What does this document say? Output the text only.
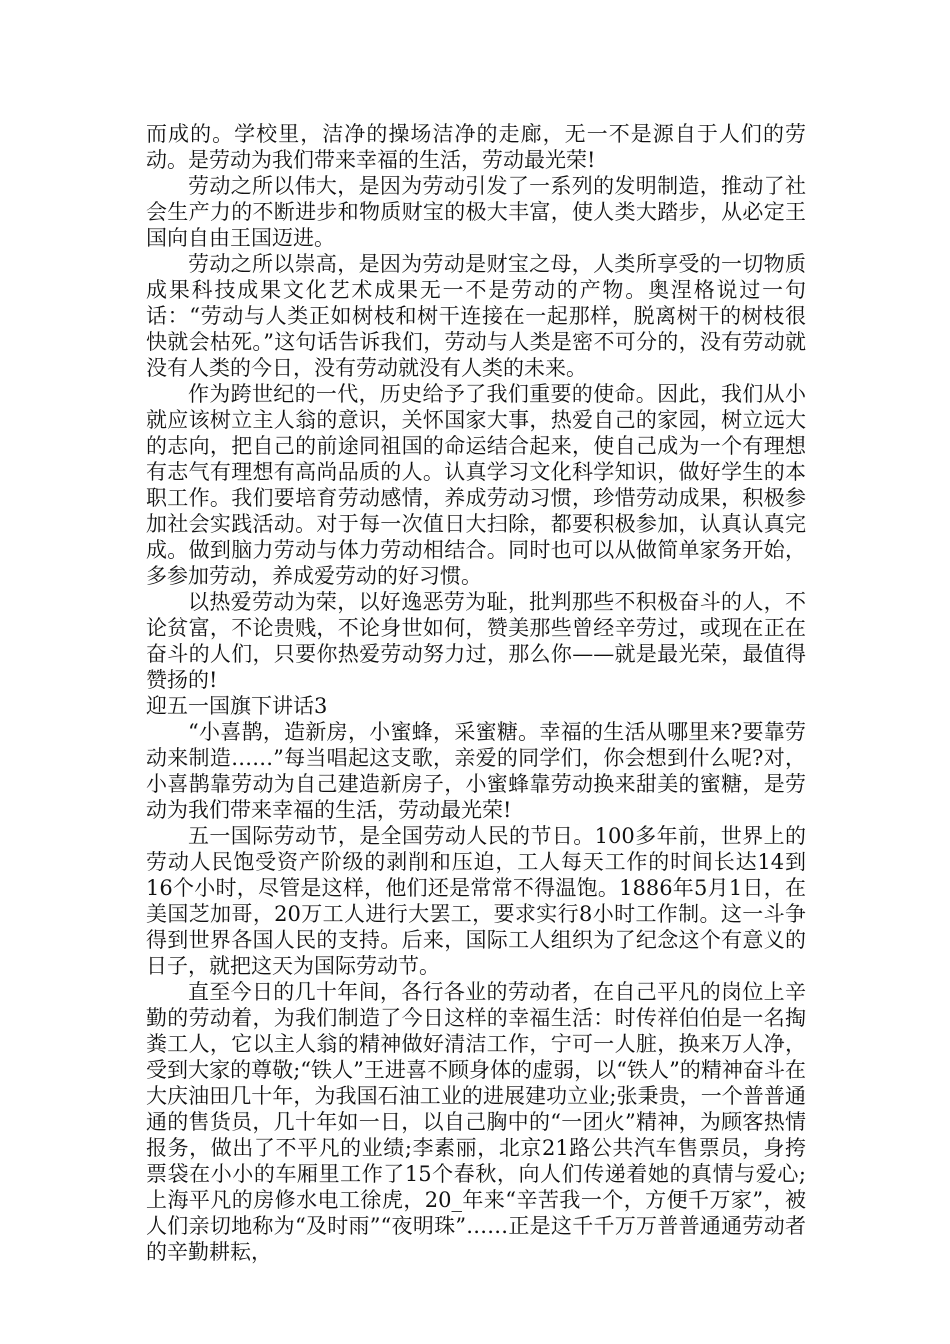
而成的。学校里，洁净的操场洁净的走廊，无一不是源自于人们的劳动。是劳动为我们带来幸福的生活，劳动最光荣!

劳动之所以伟大，是因为劳动引发了一系列的发明制造，推动了社会生产力的不断进步和物质财宝的极大丰富，使人类大踏步，从必定王国向自由王国迈进。

劳动之所以崇高，是因为劳动是财宝之母，人类所享受的一切物质成果科技成果文化艺术成果无一不是劳动的产物。奥涅格说过一句话：“劳动与人类正如树枝和树干连接在一起那样，脱离树干的树枝很快就会枯死。”这句话告诉我们，劳动与人类是密不可分的，没有劳动就没有人类的今日，没有劳动就没有人类的未来。

作为跨世纪的一代，历史给予了我们重要的使命。因此，我们从小就应该树立主人翁的意识，关怀国家大事，热爱自己的家园，树立远大的志向，把自己的前途同祖国的命运结合起来，使自己成为一个有理想有志气有理想有高尚品质的人。认真学习文化科学知识，做好学生的本职工作。我们要培育劳动感情，养成劳动习惯，珍惜劳动成果，积极参加社会实践活动。对于每一次值日大扫除，都要积极参加，认真认真完成。做到脑力劳动与体力劳动相结合。同时也可以从做简单家务开始，多参加劳动，养成爱劳动的好习惯。

以热爱劳动为荣，以好逸恶劳为耻，批判那些不积极奋斗的人，不论贫富，不论贵贱，不论身世如何，赞美那些曾经辛劳过，或现在正在奋斗的人们，只要你热爱劳动努力过，那么你——就是最光荣，最值得赞扬的!

迎五一国旗下讲话3

“小喜鹊，造新房，小蜜蜂，采蜜糖。幸福的生活从哪里来?要靠劳动来制造……”每当唱起这支歌，亲爱的同学们，你会想到什么呢?对，小喜鹊靠劳动为自己建造新房子，小蜜蜂靠劳动换来甜美的蜜糖，是劳动为我们带来幸福的生活，劳动最光荣!

五一国际劳动节，是全国劳动人民的节日。100多年前，世界上的劳动人民饱受资产阶级的剥削和压迫，工人每天工作的时间长达14到16个小时，尽管是这样，他们还是常常不得温饱。1886年5月1日，在美国芝加哥，20万工人进行大罢工，要求实行8小时工作制。这一斗争得到世界各国人民的支持。后来，国际工人组织为了纪念这个有意义的日子，就把这天为国际劳动节。

直至今日的几十年间，各行各业的劳动者，在自己平凡的岗位上辛勤的劳动着，为我们制造了今日这样的幸福生活：时传祥伯伯是一名掏粪工人，它以主人翁的精神做好清洁工作，宁可一人脏，换来万人净，受到大家的尊敬;“铁人”王进喜不顾身体的虚弱，以“铁人”的精神奋斗在大庆油田几十年，为我国石油工业的进展建功立业;张秉贵，一个普普通通的售货员，几十年如一日，以自己胸中的“一团火”精神，为顾客热情报务，做出了不平凡的业绩;李素丽，北京21路公共汽车售票员，身挎票袋在小小的车厢里工作了15个春秋，向人们传递着她的真情与爱心;上海平凡的房修水电工徐虎，20_年来“辛苦我一个，方便千万家”，被人们亲切地称为“及时雨”“夜明珠”……正是这千千万万普普通通劳动者的辛勤耕耘，
